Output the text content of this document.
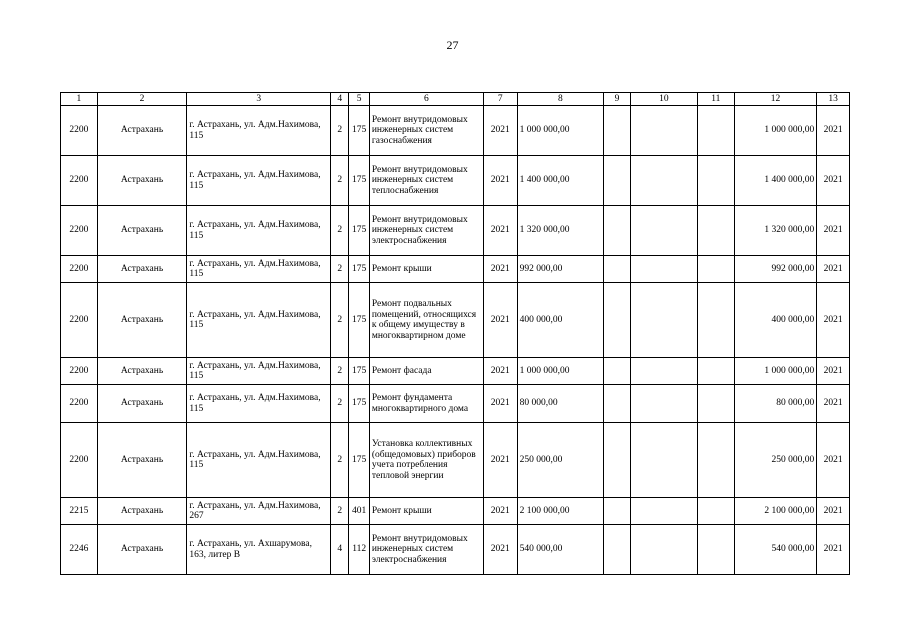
27
1	2	3	4	5	6	7	8	9	10	11	12	13
2200	Астрахань	г. Астрахань, ул. Адм.Нахимова, 115	2	175	Ремонт внутридомовых инженерных систем газоснабжения	2021	1 000 000,00				1 000 000,00	2021
2200	Астрахань	г. Астрахань, ул. Адм.Нахимова, 115	2	175	Ремонт внутридомовых инженерных систем теплоснабжения	2021	1 400 000,00				1 400 000,00	2021
2200	Астрахань	г. Астрахань, ул. Адм.Нахимова, 115	2	175	Ремонт внутридомовых инженерных систем электроснабжения	2021	1 320 000,00				1 320 000,00	2021
2200	Астрахань	г. Астрахань, ул. Адм.Нахимова, 115	2	175	Ремонт крыши	2021	992 000,00				992 000,00	2021
2200	Астрахань	г. Астрахань, ул. Адм.Нахимова, 115	2	175	Ремонт подвальных помещений, относящихся к общему имуществу в многоквартирном доме	2021	400 000,00				400 000,00	2021
2200	Астрахань	г. Астрахань, ул. Адм.Нахимова, 115	2	175	Ремонт фасада	2021	1 000 000,00				1 000 000,00	2021
2200	Астрахань	г. Астрахань, ул. Адм.Нахимова, 115	2	175	Ремонт фундамента многоквартирного дома	2021	80 000,00				80 000,00	2021
2200	Астрахань	г. Астрахань, ул. Адм.Нахимова, 115	2	175	Установка коллективных (общедомовых) приборов учета потребления тепловой энергии	2021	250 000,00				250 000,00	2021
2215	Астрахань	г. Астрахань, ул. Адм.Нахимова, 267	2	401	Ремонт крыши	2021	2 100 000,00				2 100 000,00	2021
2246	Астрахань	г. Астрахань, ул. Ахшарумова, 163, литер В	4	112	Ремонт внутридомовых инженерных систем электроснабжения	2021	540 000,00				540 000,00	2021
